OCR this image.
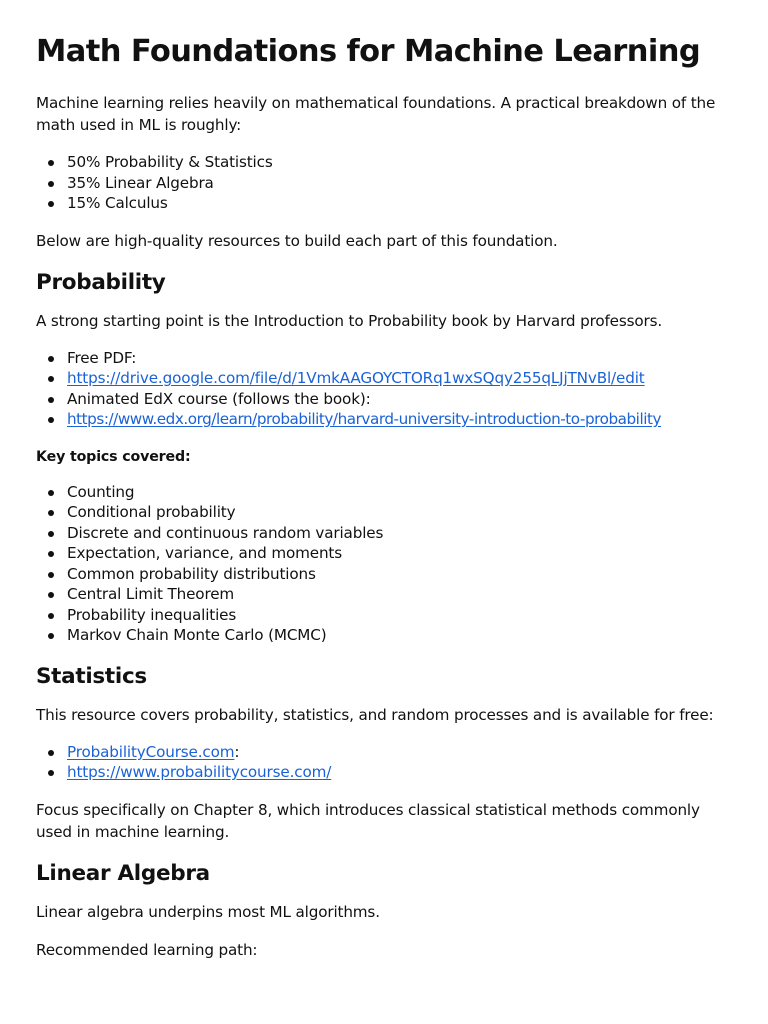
Math Foundations for Machine Learning

Machine learning relies heavily on mathematical foundations. A practical breakdown of the math used in ML is roughly:

50% Probability & Statistics
35% Linear Algebra
15% Calculus

Below are high-quality resources to build each part of this foundation.

Probability

A strong starting point is the Introduction to Probability book by Harvard professors.

Free PDF:
https://drive.google.com/file/d/1VmkAAGOYCTORq1wxSQqy255qLJjTNvBl/edit
Animated EdX course (follows the book):
https://www.edx.org/learn/probability/harvard-university-introduction-to-probability

Key topics covered:

Counting
Conditional probability
Discrete and continuous random variables
Expectation, variance, and moments
Common probability distributions
Central Limit Theorem
Probability inequalities
Markov Chain Monte Carlo (MCMC)
Statistics

This resource covers probability, statistics, and random processes and is available for free:

ProbabilityCourse.com:
https://www.probabilitycourse.com/

Focus specifically on Chapter 8, which introduces classical statistical methods commonly used in machine learning.

Linear Algebra

Linear algebra underpins most ML algorithms.

Recommended learning path:
